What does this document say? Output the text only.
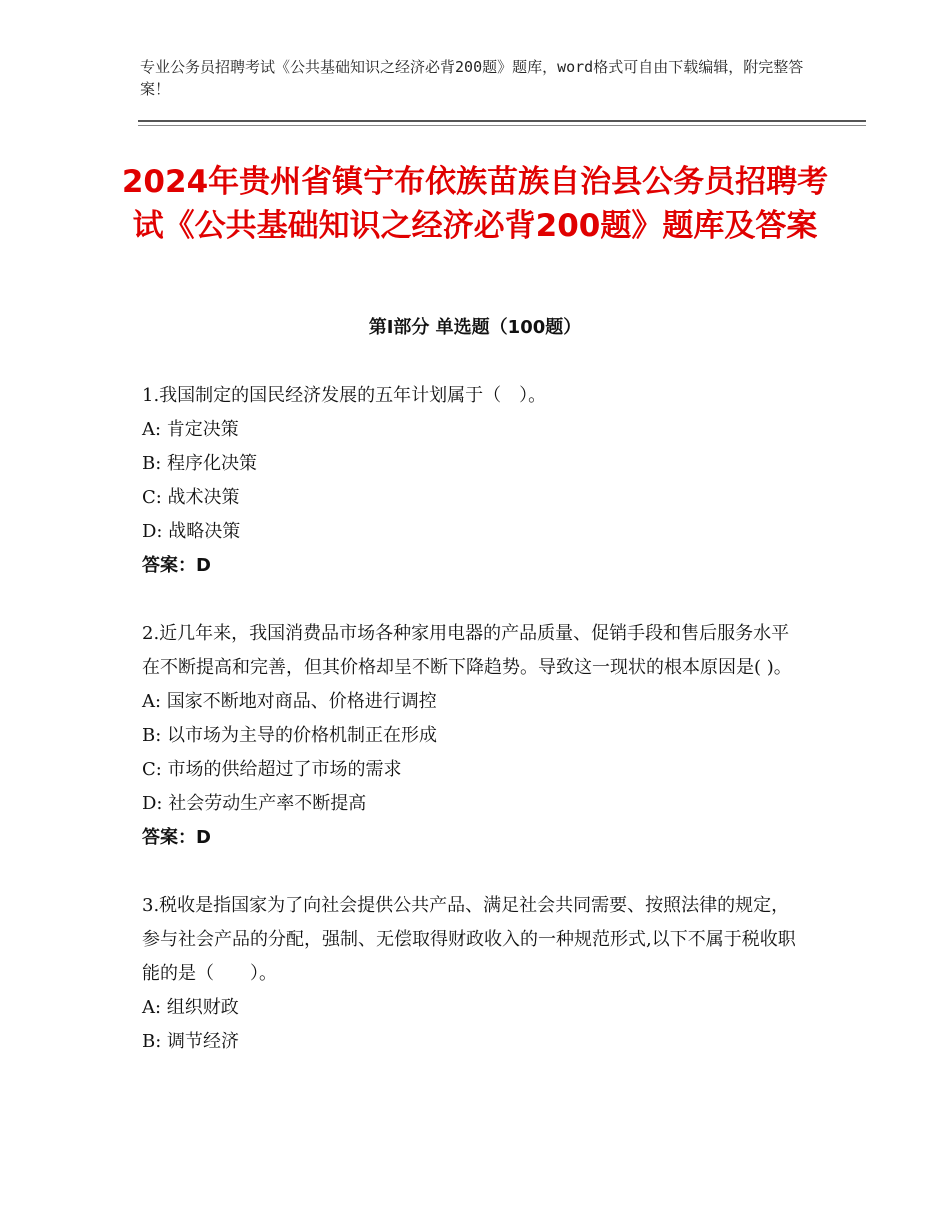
专业公务员招聘考试《公共基础知识之经济必背200题》题库，word格式可自由下载编辑，附完整答案！
2024年贵州省镇宁布依族苗族自治县公务员招聘考试《公共基础知识之经济必背200题》题库及答案
第I部分 单选题（100题）

1.我国制定的国民经济发展的五年计划属于（　）。

A: 肯定决策

B: 程序化决策

C: 战术决策

D: 战略决策

答案：D

2.近几年来，我国消费品市场各种家用电器的产品质量、促销手段和售后服务水平在不断提高和完善，但其价格却呈不断下降趋势。导致这一现状的根本原因是( )。

A: 国家不断地对商品、价格进行调控

B: 以市场为主导的价格机制正在形成

C: 市场的供给超过了市场的需求

D: 社会劳动生产率不断提高

答案：D

3.税收是指国家为了向社会提供公共产品、满足社会共同需要、按照法律的规定，参与社会产品的分配，强制、无偿取得财政收入的一种规范形式,以下不属于税收职能的是（　　）。

A: 组织财政

B: 调节经济
